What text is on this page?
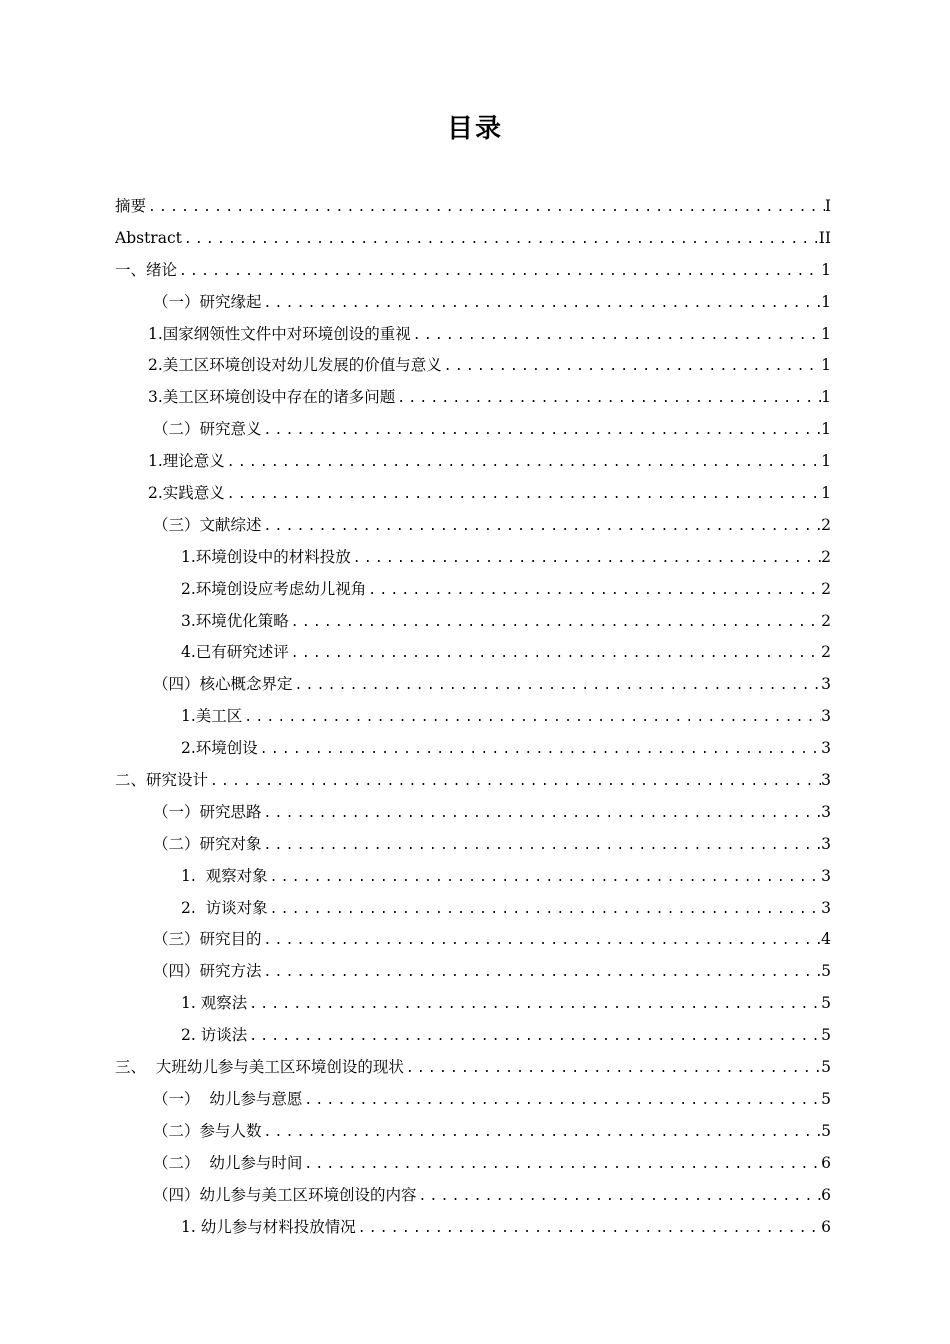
目录
摘要 .....	I
Abstract .....	II
一、绪论 .....	1
（一）研究缘起 .....	1
1.国家纲领性文件中对环境创设的重视 .....	1
2.美工区环境创设对幼儿发展的价值与意义 .....	1
3.美工区环境创设中存在的诸多问题 .....	1
（二）研究意义 .....	1
1.理论意义 .....	1
2.实践意义 .....	1
（三）文献综述 .....	2
1.环境创设中的材料投放 .....	2
2.环境创设应考虑幼儿视角 .....	2
3.环境优化策略 .....	2
4.已有研究述评 .....	2
（四）核心概念界定 .....	3
1.美工区 .....	3
2.环境创设 .....	3
二、研究设计 .....	3
（一）研究思路 .....	3
（二）研究对象 .....	3
1.  观察对象 .....	3
2.  访谈对象 .....	3
（三）研究目的 .....	4
（四）研究方法 .....	5
1. 观察法 .....	5
2. 访谈法 .....	5
三、  大班幼儿参与美工区环境创设的现状 .....	5
（一）  幼儿参与意愿 .....	5
（二）参与人数 .....	5
（二）  幼儿参与时间 .....	6
（四）幼儿参与美工区环境创设的内容 .....	6
1. 幼儿参与材料投放情况 .....	6
